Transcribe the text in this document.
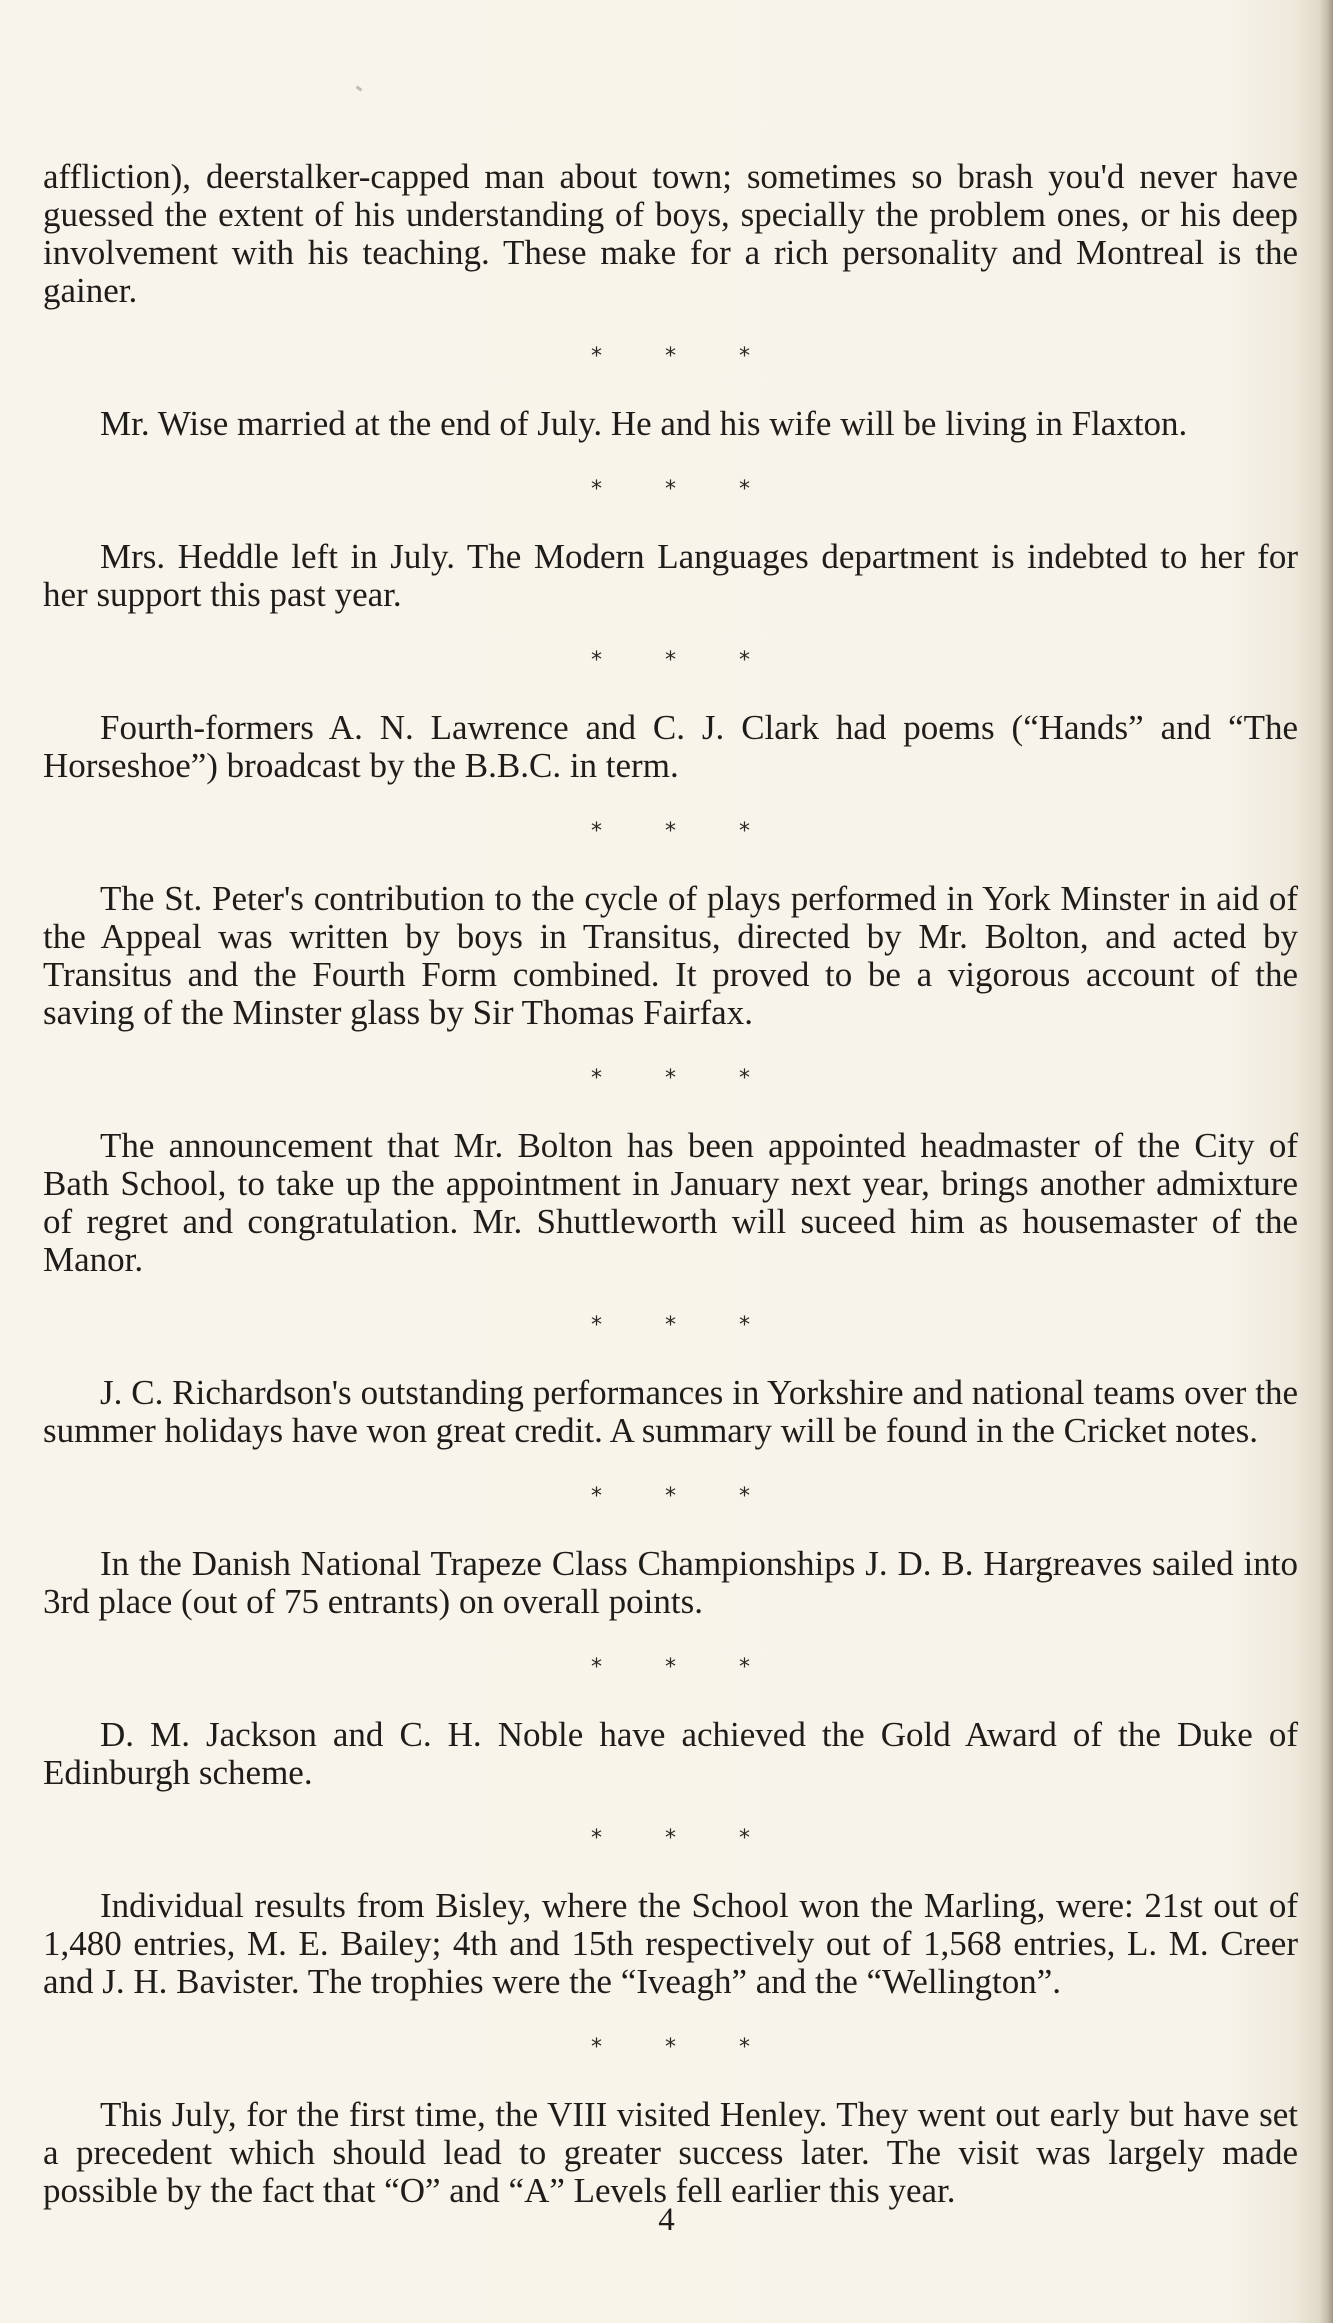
affliction), deerstalker-capped man about town; sometimes so brash you'd never have guessed the extent of his understanding of boys, specially the problem ones, or his deep involvement with his teaching. These make for a rich personality and Montreal is the gainer.

* * *

Mr. Wise married at the end of July. He and his wife will be living in Flaxton.

* * *

Mrs. Heddle left in July. The Modern Languages department is indebted to her for her support this past year.

* * *

Fourth-formers A. N. Lawrence and C. J. Clark had poems (“Hands” and “The Horseshoe”) broadcast by the B.B.C. in term.

* * *

The St. Peter's contribution to the cycle of plays performed in York Minster in aid of the Appeal was written by boys in Transitus, directed by Mr. Bolton, and acted by Transitus and the Fourth Form combined. It proved to be a vigorous account of the saving of the Minster glass by Sir Thomas Fairfax.

* * *

The announcement that Mr. Bolton has been appointed headmaster of the City of Bath School, to take up the appointment in January next year, brings another admixture of regret and congratulation. Mr. Shuttleworth will suceed him as housemaster of the Manor.

* * *

J. C. Richardson's outstanding performances in Yorkshire and national teams over the summer holidays have won great credit. A summary will be found in the Cricket notes.

* * *

In the Danish National Trapeze Class Championships J. D. B. Hargreaves sailed into 3rd place (out of 75 entrants) on overall points.

* * *

D. M. Jackson and C. H. Noble have achieved the Gold Award of the Duke of Edinburgh scheme.

* * *

Individual results from Bisley, where the School won the Marling, were: 21st out of 1,480 entries, M. E. Bailey; 4th and 15th respectively out of 1,568 entries, L. M. Creer and J. H. Bavister. The trophies were the “Iveagh” and the “Wellington”.

* * *

This July, for the first time, the VIII visited Henley. They went out early but have set a precedent which should lead to greater success later. The visit was largely made possible by the fact that “O” and “A” Levels fell earlier this year.

4
